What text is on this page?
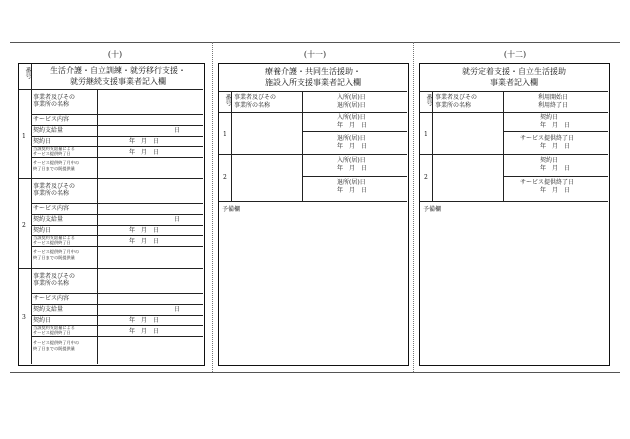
(十)
番号	生活介護・自立訓練・就労移行支援・
就労継続支援事業者記入欄
1
事業者及びその
事業所の名称
サービス内容
契約支給量	日
契約日	年　月　日
当該契約支給量による
サービス提供終了日	年　月　日
サービス提供終了月中の
終了日までの既提供量
2
事業者及びその
事業所の名称
サービス内容
契約支給量	日
契約日	年　月　日
当該契約支給量による
サービス提供終了日	年　月　日
サービス提供終了月中の
終了日までの既提供量
3
事業者及びその
事業所の名称
サービス内容
契約支給量	日
契約日	年　月　日
当該契約支給量による
サービス提供終了日	年　月　日
サービス提供終了月中の
終了日までの既提供量
(十一)
療養介護・共同生活援助・
施設入所支援事業者記入欄
番号 事業者及びその
事業所の名称
入所(居)日
退所(居)日
1
入所(居)日
年　月　日
退所(居)日
年　月　日
2
入所(居)日
年　月　日
退所(居)日
年　月　日
予備欄
(十二)
就労定着支援・自立生活援助
事業者記入欄
番号 事業者及びその
事業所の名称
利用開始日
利用終了日
1
契約日
年　月　日
サービス提供終了日
年　月　日
2
契約日
年　月　日
サービス提供終了日
年　月　日
予備欄
